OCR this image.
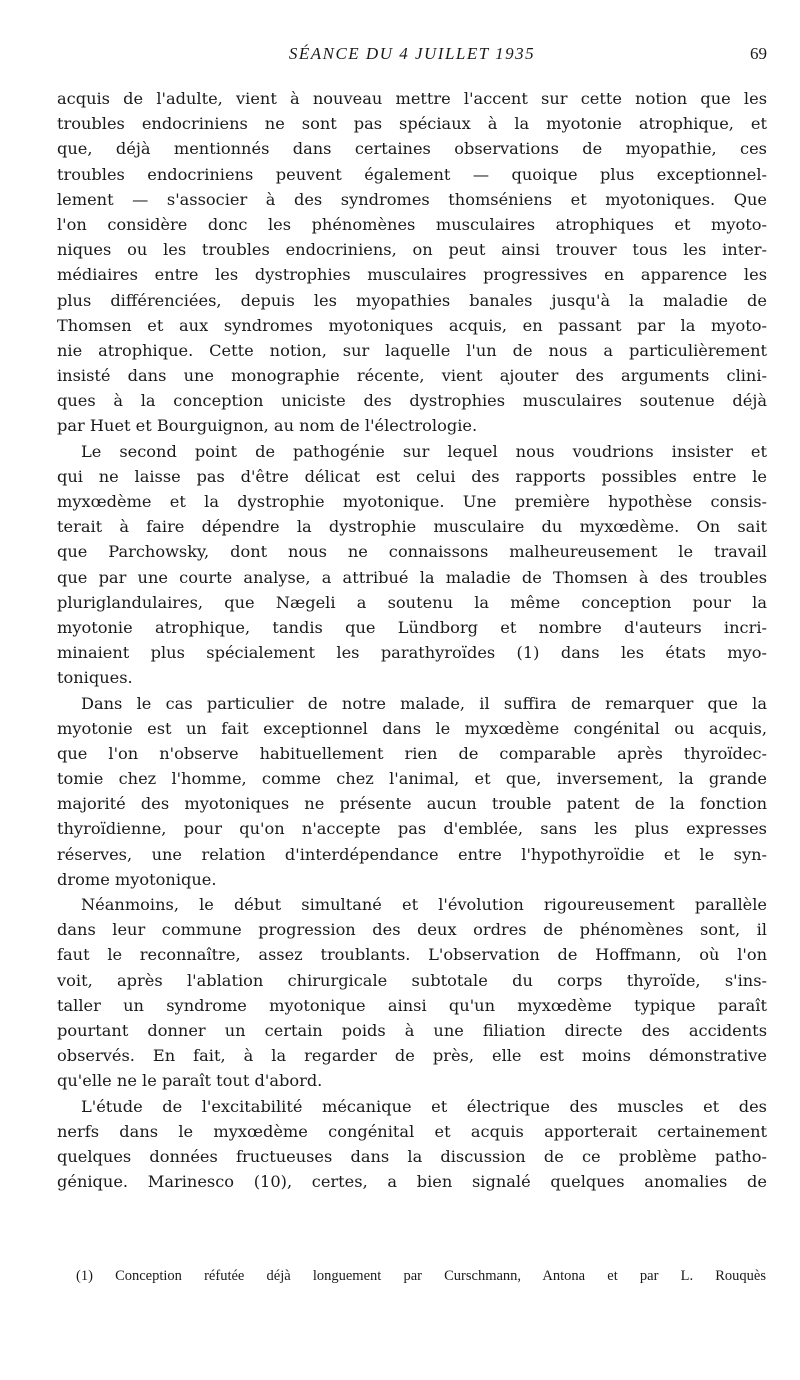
SÉANCE DU 4 JUILLET 1935	69
acquis de l'adulte, vient à nouveau mettre l'accent sur cette notion que les
troubles endocriniens ne sont pas spéciaux à la myotonie atrophique, et
que, déjà mentionnés dans certaines observations de myopathie, ces
troubles endocriniens peuvent également — quoique plus exceptionnel-
lement — s'associer à des syndromes thomséniens et myotoniques. Que
l'on considère donc les phénomènes musculaires atrophiques et myoto-
niques ou les troubles endocriniens, on peut ainsi trouver tous les inter-
médiaires entre les dystrophies musculaires progressives en apparence les
plus différenciées, depuis les myopathies banales jusqu'à la maladie de
Thomsen et aux syndromes myotoniques acquis, en passant par la myoto-
nie atrophique. Cette notion, sur laquelle l'un de nous a particulièrement
insisté dans une monographie récente, vient ajouter des arguments clini-
ques à la conception uniciste des dystrophies musculaires soutenue déjà
par Huet et Bourguignon, au nom de l'électrologie.
Le second point de pathogénie sur lequel nous voudrions insister et
qui ne laisse pas d'être délicat est celui des rapports possibles entre le
myxœdème et la dystrophie myotonique. Une première hypothèse consis-
terait à faire dépendre la dystrophie musculaire du myxœdème. On sait
que Parchowsky, dont nous ne connaissons malheureusement le travail
que par une courte analyse, a attribué la maladie de Thomsen à des troubles
pluriglandulaires, que Nægeli a soutenu la même conception pour la
myotonie atrophique, tandis que Lündborg et nombre d'auteurs incri-
minaient plus spécialement les parathyroïdes (1) dans les états myo-
toniques.
Dans le cas particulier de notre malade, il suffira de remarquer que la
myotonie est un fait exceptionnel dans le myxœdème congénital ou acquis,
que l'on n'observe habituellement rien de comparable après thyroïdec-
tomie chez l'homme, comme chez l'animal, et que, inversement, la grande
majorité des myotoniques ne présente aucun trouble patent de la fonction
thyroïdienne, pour qu'on n'accepte pas d'emblée, sans les plus expresses
réserves, une relation d'interdépendance entre l'hypothyroïdie et le syn-
drome myotonique.
Néanmoins, le début simultané et l'évolution rigoureusement parallèle
dans leur commune progression des deux ordres de phénomènes sont, il
faut le reconnaître, assez troublants. L'observation de Hoffmann, où l'on
voit, après l'ablation chirurgicale subtotale du corps thyroïde, s'ins-
taller un syndrome myotonique ainsi qu'un myxœdème typique paraît
pourtant donner un certain poids à une filiation directe des accidents
observés. En fait, à la regarder de près, elle est moins démonstrative
qu'elle ne le paraît tout d'abord.
L'étude de l'excitabilité mécanique et électrique des muscles et des
nerfs dans le myxœdème congénital et acquis apporterait certainement
quelques données fructueuses dans la discussion de ce problème patho-
génique. Marinesco (10), certes, a bien signalé quelques anomalies de
(1) Conception réfutée déjà longuement par Curschmann, Antona et par L. Rouquès
